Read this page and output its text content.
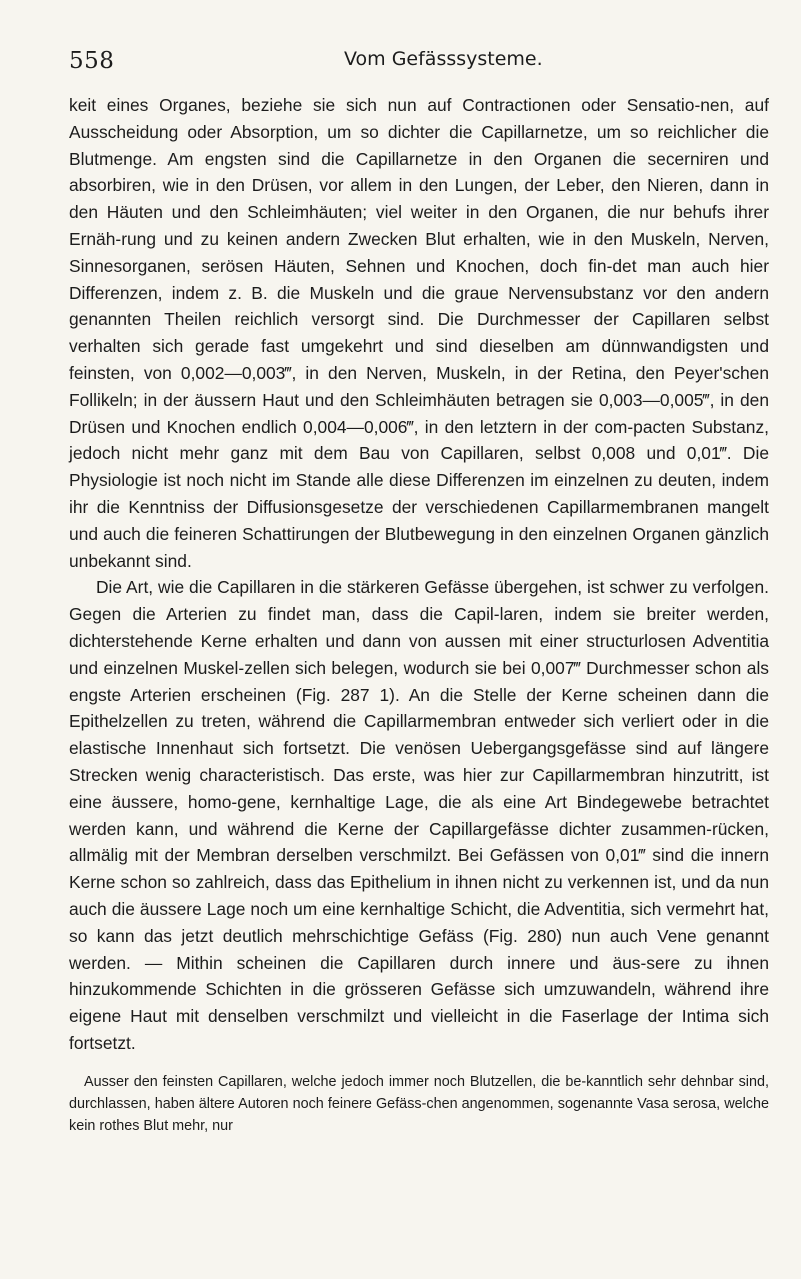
558	Vom Gefässsysteme.

keit eines Organes, beziehe sie sich nun auf Contractionen oder Sensatio-nen, auf Ausscheidung oder Absorption, um so dichter die Capillarnetze, um so reichlicher die Blutmenge. Am engsten sind die Capillarnetze in den Organen die secerniren und absorbiren, wie in den Drüsen, vor allem in den Lungen, der Leber, den Nieren, dann in den Häuten und den Schleimhäuten; viel weiter in den Organen, die nur behufs ihrer Ernäh-rung und zu keinen andern Zwecken Blut erhalten, wie in den Muskeln, Nerven, Sinnesorganen, serösen Häuten, Sehnen und Knochen, doch fin-det man auch hier Differenzen, indem z. B. die Muskeln und die graue Nervensubstanz vor den andern genannten Theilen reichlich versorgt sind. Die Durchmesser der Capillaren selbst verhalten sich gerade fast umgekehrt und sind dieselben am dünnwandigsten und feinsten, von 0,002—0,003‴, in den Nerven, Muskeln, in der Retina, den Peyer'schen Follikeln; in der äussern Haut und den Schleimhäuten betragen sie 0,003—0,005‴, in den Drüsen und Knochen endlich 0,004—0,006‴, in den letztern in der com-pacten Substanz, jedoch nicht mehr ganz mit dem Bau von Capillaren, selbst 0,008 und 0,01‴. Die Physiologie ist noch nicht im Stande alle diese Differenzen im einzelnen zu deuten, indem ihr die Kenntniss der Diffusionsgesetze der verschiedenen Capillarmembranen mangelt und auch die feineren Schattirungen der Blutbewegung in den einzelnen Organen gänzlich unbekannt sind.

Die Art, wie die Capillaren in die stärkeren Gefässe übergehen, ist schwer zu verfolgen. Gegen die Arterien zu findet man, dass die Capil-laren, indem sie breiter werden, dichterstehende Kerne erhalten und dann von aussen mit einer structurlosen Adventitia und einzelnen Muskel-zellen sich belegen, wodurch sie bei 0,007‴ Durchmesser schon als engste Arterien erscheinen (Fig. 287 1). An die Stelle der Kerne scheinen dann die Epithelzellen zu treten, während die Capillarmembran entweder sich verliert oder in die elastische Innenhaut sich fortsetzt. Die venösen Uebergangsgefässe sind auf längere Strecken wenig characteristisch. Das erste, was hier zur Capillarmembran hinzutritt, ist eine äussere, homo-gene, kernhaltige Lage, die als eine Art Bindegewebe betrachtet werden kann, und während die Kerne der Capillargefässe dichter zusammen-rücken, allmälig mit der Membran derselben verschmilzt. Bei Gefässen von 0,01‴ sind die innern Kerne schon so zahlreich, dass das Epithelium in ihnen nicht zu verkennen ist, und da nun auch die äussere Lage noch um eine kernhaltige Schicht, die Adventitia, sich vermehrt hat, so kann das jetzt deutlich mehrschichtige Gefäss (Fig. 280) nun auch Vene genannt werden. — Mithin scheinen die Capillaren durch innere und äus-sere zu ihnen hinzukommende Schichten in die grösseren Gefässe sich umzuwandeln, während ihre eigene Haut mit denselben verschmilzt und vielleicht in die Faserlage der Intima sich fortsetzt.

Ausser den feinsten Capillaren, welche jedoch immer noch Blutzellen, die be-kanntlich sehr dehnbar sind, durchlassen, haben ältere Autoren noch feinere Gefäss-chen angenommen, sogenannte Vasa serosa, welche kein rothes Blut mehr, nur
